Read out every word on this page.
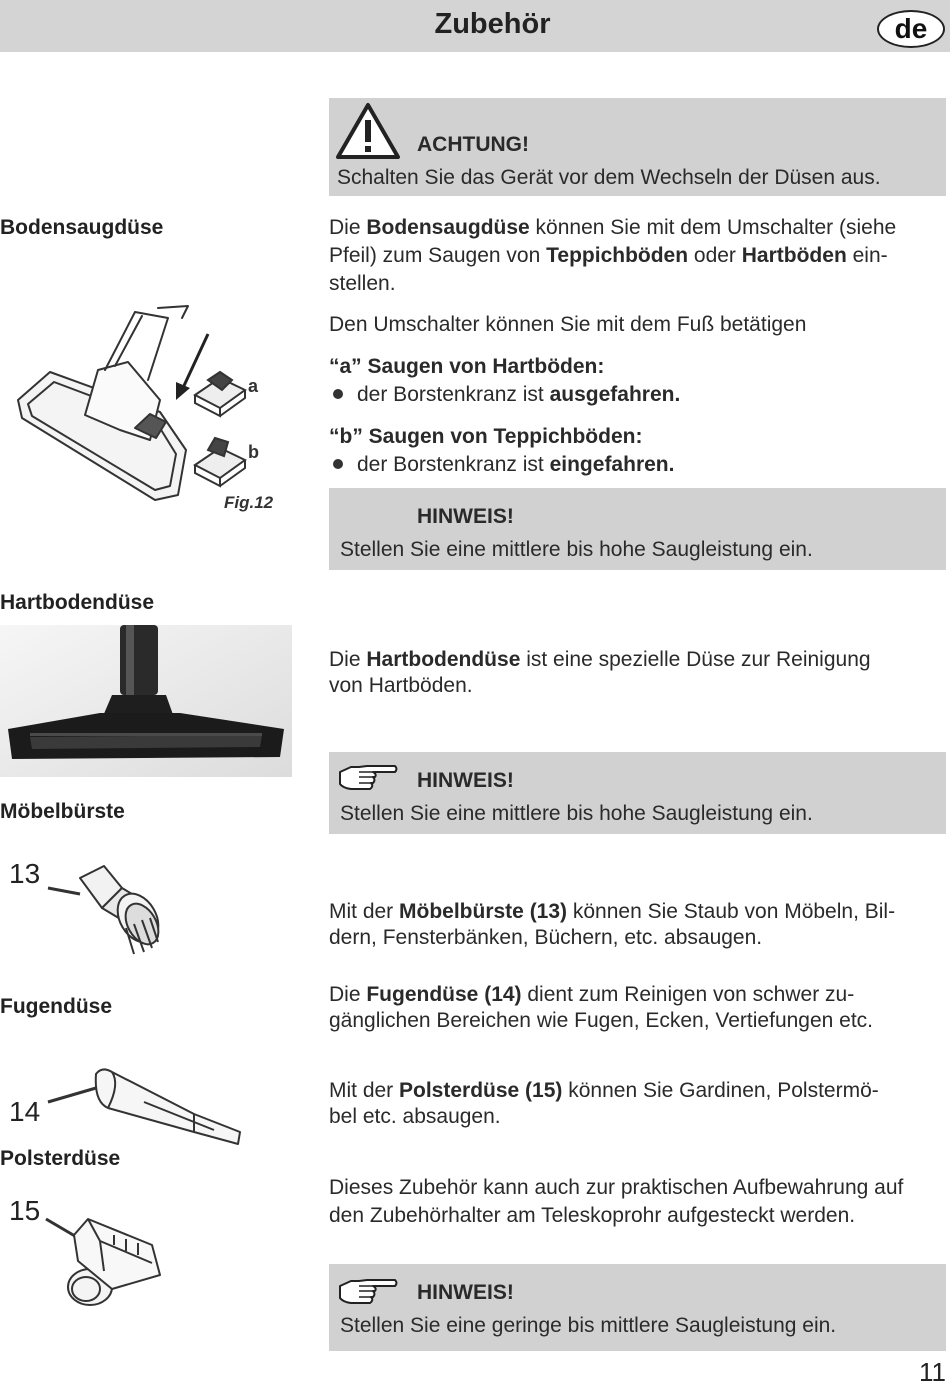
Zubehör	de
ACHTUNG!
Schalten Sie das Gerät vor dem Wechseln der Düsen aus.
Bodensaugdüse	Die Bodensaugdüse können Sie mit dem Umschalter (siehe
Pfeil) zum Saugen von Teppichböden oder Hartböden ein-
stellen.
Den Umschalter können Sie mit dem Fuß betätigen
“a” Saugen von Hartböden:
der Borstenkranz ist ausgefahren.
“b” Saugen von Teppichböden:
der Borstenkranz ist eingefahren.
a
b
Fig.12
HINWEIS!
Stellen Sie eine mittlere bis hohe Saugleistung ein.
Hartbodendüse
Die Hartbodendüse ist eine spezielle Düse zur Reinigung
von Hartböden.
HINWEIS!
Stellen Sie eine mittlere bis hohe Saugleistung ein.
Möbelbürste
13
Mit der Möbelbürste (13) können Sie Staub von Möbeln, Bil-
dern, Fensterbänken, Büchern, etc. absaugen.
Fugendüse
Die Fugendüse (14) dient zum Reinigen von schwer zu-
gänglichen Bereichen wie Fugen, Ecken, Vertiefungen etc.
14
Mit der Polsterdüse (15) können Sie Gardinen, Polstermö-
bel etc. absaugen.
Polsterdüse
15
Dieses Zubehör kann auch zur praktischen Aufbewahrung auf
den Zubehörhalter am Teleskoprohr aufgesteckt werden.
HINWEIS!
Stellen Sie eine geringe bis mittlere Saugleistung ein.
11
